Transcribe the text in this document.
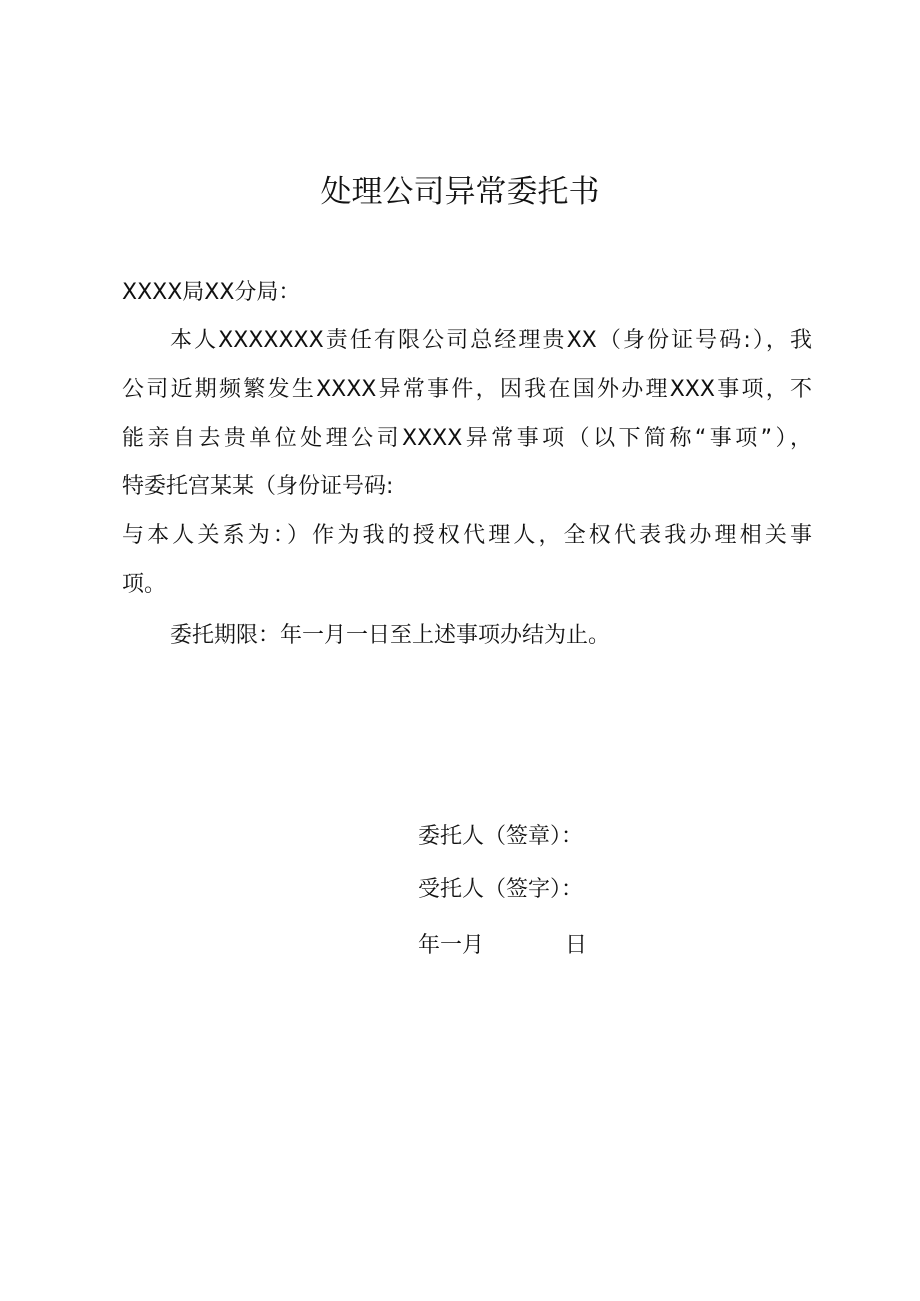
处理公司异常委托书
XXXX局XX分局：
本人XXXXXXX责任有限公司总经理贵XX（身份证号码:），我
公司近期频繁发生XXXX异常事件，因我在国外办理XXX事项，不
能亲自去贵单位处理公司XXXX异常事项（以下简称“事项”），
特委托宫某某（身份证号码:
与本人关系为：）作为我的授权代理人，全权代表我办理相关事
项。
委托期限：年一月一日至上述事项办结为止。
委托人（签章）：
受托人（签字）：
年一月	日
